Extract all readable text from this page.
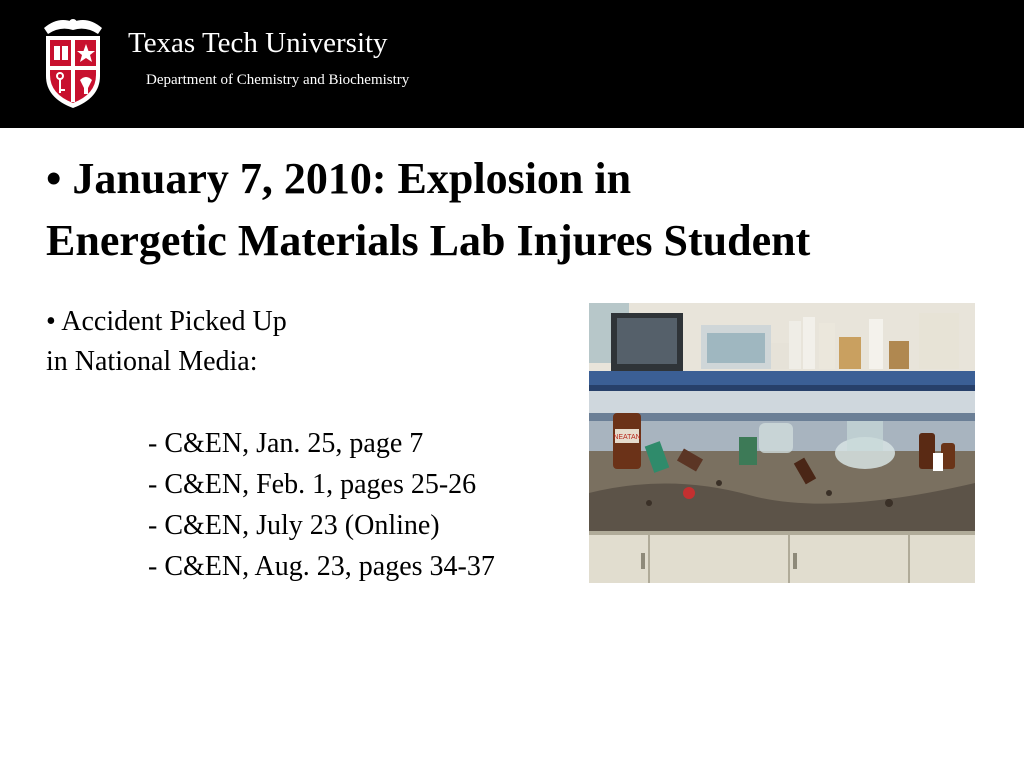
Texas Tech University
Department of Chemistry and Biochemistry
• January 7, 2010: Explosion in
Energetic Materials Lab Injures Student
• Accident Picked Up
in National Media:
- C&EN, Jan. 25, page 7
- C&EN, Feb. 1, pages 25-26
- C&EN, July 23 (Online)
- C&EN, Aug. 23, pages 34-37
NEATAN
